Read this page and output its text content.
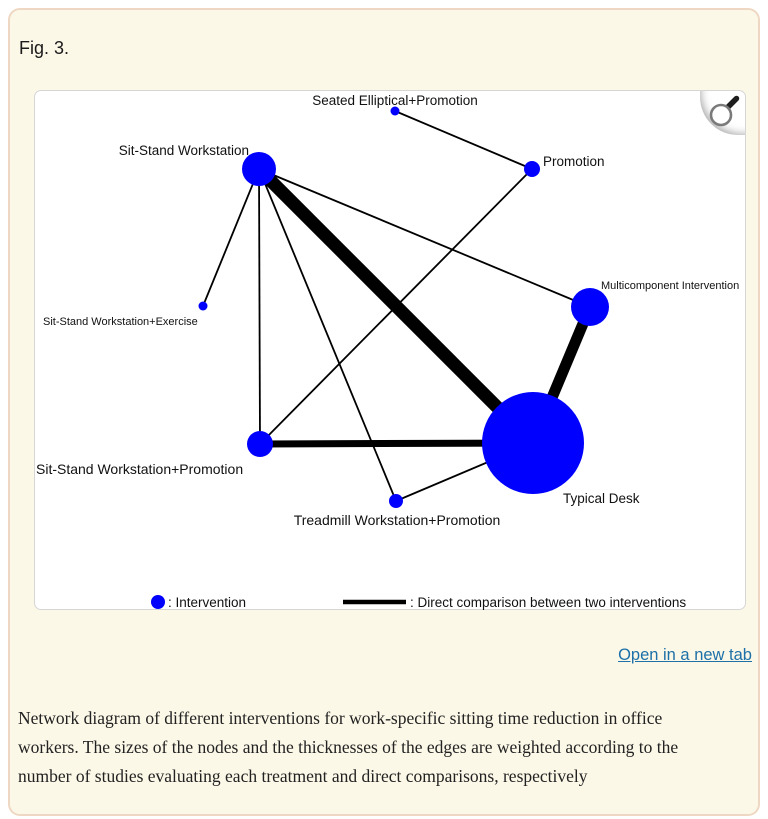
Fig. 3.
Seated Elliptical+Promotion
Sit-Stand Workstation
Promotion
Multicomponent Intervention
Sit-Stand Workstation+Exercise
Sit-Stand Workstation+Promotion
Treadmill Workstation+Promotion
Typical Desk
: Intervention	: Direct comparison between two interventions
Open in a new tab
Network diagram of different interventions for work-specific sitting time reduction in office
workers. The sizes of the nodes and the thicknesses of the edges are weighted according to the
number of studies evaluating each treatment and direct comparisons, respectively
